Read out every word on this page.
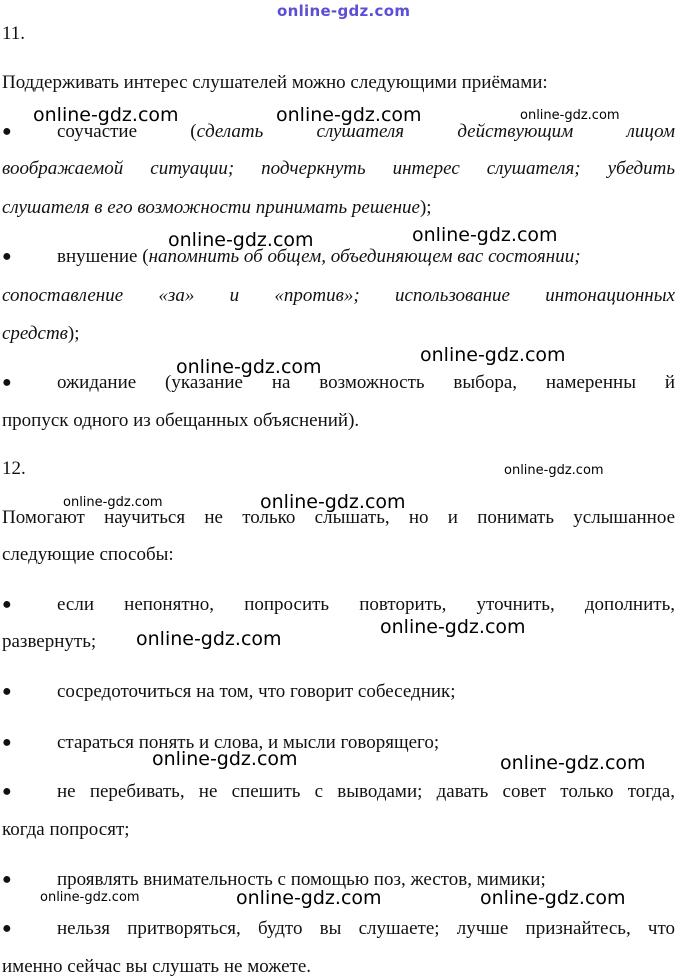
online-gdz.com
11.
Поддерживать интерес слушателей можно следующими приёмами:
● соучастие (сделать слушателя действующим лицом
воображаемой ситуации; подчеркнуть интерес слушателя; убедить
слушателя в его возможности принимать решение);
● внушение (напомнить об общем, объединяющем вас состоянии;
сопоставление «за» и «против»; использование интонационных
средств);
● ожидание (указание на возможность выбора, намеренны й
пропуск одного из обещанных объяснений).
12.
Помогают научиться не только слышать, но и понимать услышанное
следующие способы:
● если непонятно, попросить повторить, уточнить, дополнить,
развернуть;
● сосредоточиться на том, что говорит собеседник;
● стараться понять и слова, и мысли говорящего;
● не перебивать, не спешить с выводами; давать совет только тогда,
когда попросят;
● проявлять внимательность с помощью поз, жестов, мимики;
● нельзя притворяться, будто вы слушаете; лучше признайтесь, что
именно сейчас вы слушать не можете.
online-gdz.com	online-gdz.com	online-gdz.com
online-gdz.com	online-gdz.com
online-gdz.com
online-gdz.com
online-gdz.com
online-gdz.com	online-gdz.com
online-gdz.com
online-gdz.com
online-gdz.com	online-gdz.com
online-gdz.com	online-gdz.com	online-gdz.com
